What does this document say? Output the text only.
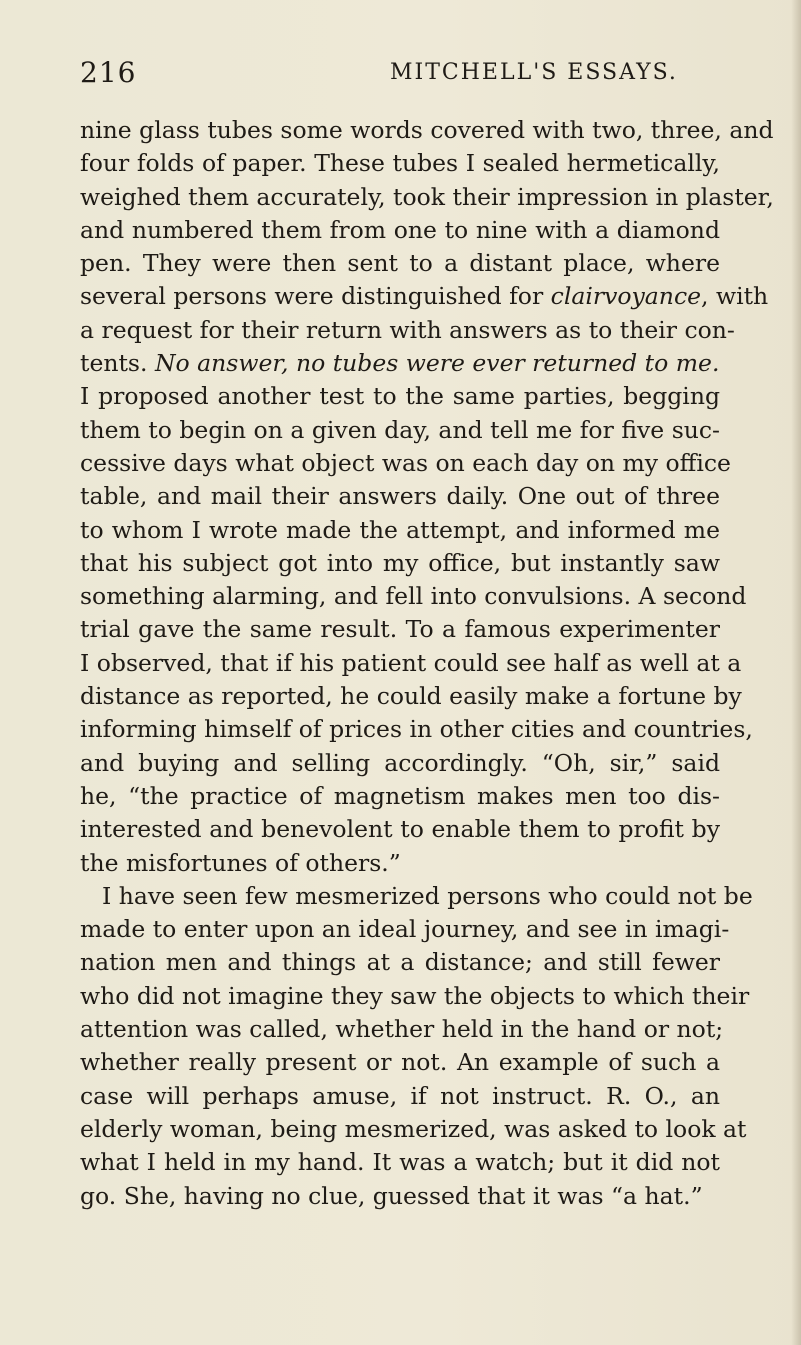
216	MITCHELL'S ESSAYS.
nine glass tubes some words covered with two, three, and
four folds of paper. These tubes I sealed hermetically,
weighed them accurately, took their impression in plaster,
and numbered them from one to nine with a diamond
pen. They were then sent to a distant place, where
several persons were distinguished for clairvoyance, with
a request for their return with answers as to their con-
tents. No answer, no tubes were ever returned to me.
I proposed another test to the same parties, begging
them to begin on a given day, and tell me for five suc-
cessive days what object was on each day on my office
table, and mail their answers daily. One out of three
to whom I wrote made the attempt, and informed me
that his subject got into my office, but instantly saw
something alarming, and fell into convulsions. A second
trial gave the same result. To a famous experimenter
I observed, that if his patient could see half as well at a
distance as reported, he could easily make a fortune by
informing himself of prices in other cities and countries,
and buying and selling accordingly. “Oh, sir,” said
he, “the practice of magnetism makes men too dis-
interested and benevolent to enable them to profit by
the misfortunes of others.”
I have seen few mesmerized persons who could not be
made to enter upon an ideal journey, and see in imagi-
nation men and things at a distance; and still fewer
who did not imagine they saw the objects to which their
attention was called, whether held in the hand or not;
whether really present or not. An example of such a
case will perhaps amuse, if not instruct. R. O., an
elderly woman, being mesmerized, was asked to look at
what I held in my hand. It was a watch; but it did not
go. She, having no clue, guessed that it was “a hat.”
